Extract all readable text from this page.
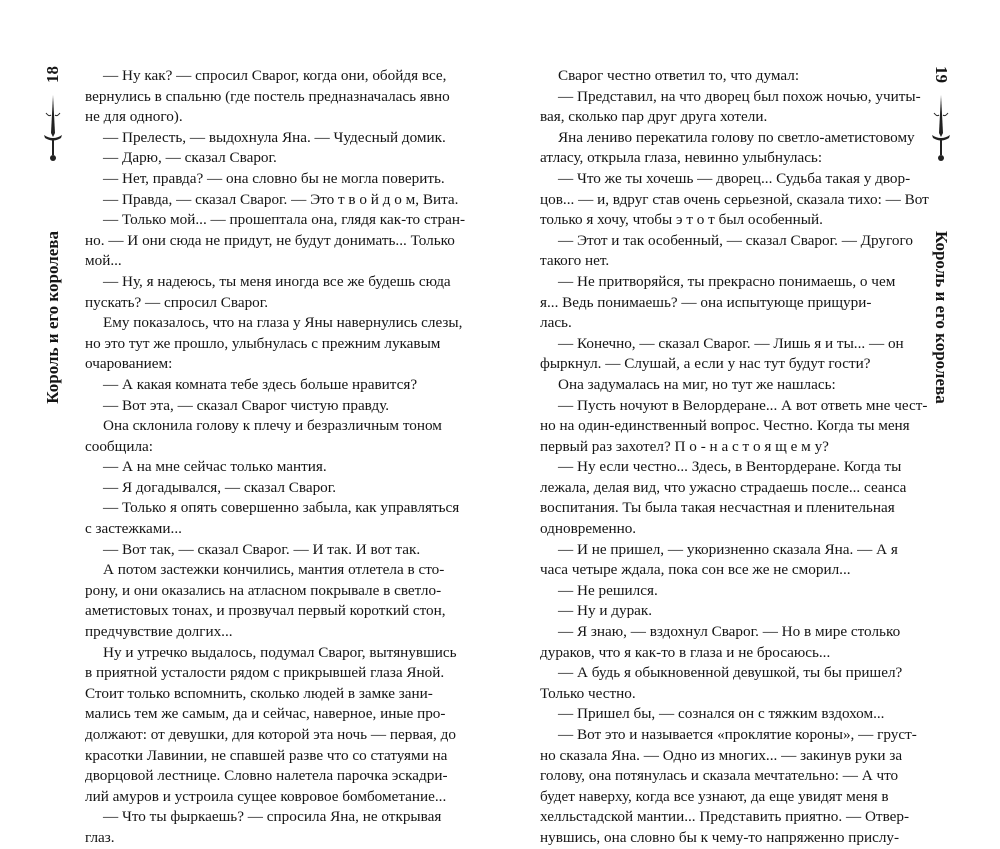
18
Король и его королева

— Ну как? — спросил Сварог, когда они, обойдя все,

вернулись в спальню (где постель предназначалась явно

не для одного).

— Прелесть, — выдохнула Яна. — Чудесный домик.

— Дарю, — сказал Сварог.

— Нет, правда? — она словно бы не могла поверить.

— Правда, — сказал Сварог. — Это т в о й д о м, Вита.

— Только мой... — прошептала она, глядя как-то стран-

но. — И они сюда не придут, не будут донимать... Только

мой...

— Ну, я надеюсь, ты меня иногда все же будешь сюда

пускать? — спросил Сварог.

Ему показалось, что на глаза у Яны навернулись слезы,

но это тут же прошло, улыбнулась с прежним лукавым

очарованием:

— А какая комната тебе здесь больше нравится?

— Вот эта, — сказал Сварог чистую правду.

Она склонила голову к плечу и безразличным тоном

сообщила:

— А на мне сейчас только мантия.

— Я догадывался, — сказал Сварог.

— Только я опять совершенно забыла, как управляться

с застежками...

— Вот так, — сказал Сварог. — И так. И вот так.

А потом застежки кончились, мантия отлетела в сто-

рону, и они оказались на атласном покрывале в светло-

аметистовых тонах, и прозвучал первый короткий стон,

предчувствие долгих...

Ну и утречко выдалось, подумал Сварог, вытянувшись

в приятной усталости рядом с прикрывшей глаза Яной.

Стоит только вспомнить, сколько людей в замке зани-

мались тем же самым, да и сейчас, наверное, иные про-

должают: от девушки, для которой эта ночь — первая, до

красотки Лавинии, не спавшей разве что со статуями на

дворцовой лестнице. Словно налетела парочка эскадри-

лий амуров и устроила сущее ковровое бомбометание...

— Что ты фыркаешь? — спросила Яна, не открывая

глаз.

Сварог честно ответил то, что думал:

— Представил, на что дворец был похож ночью, учиты-

вая, сколько пар друг друга хотели.

Яна лениво перекатила голову по светло-аметистовому

атласу, открыла глаза, невинно улыбнулась:

— Что же ты хочешь — дворец... Судьба такая у двор-

цов... — и, вдруг став очень серьезной, сказала тихо: — Вот

только я хочу, чтобы э т о т был особенный.

— Этот и так особенный, — сказал Сварог. — Другого

такого нет.

— Не притворяйся, ты прекрасно понимаешь, о чем

я... Ведь понимаешь? — она испытующе прищури-

лась.

— Конечно, — сказал Сварог. — Лишь я и ты... — он

фыркнул. — Слушай, а если у нас тут будут гости?

Она задумалась на миг, но тут же нашлась:

— Пусть ночуют в Велордеране... А вот ответь мне чест-

но на один-единственный вопрос. Честно. Когда ты меня

первый раз захотел? П о - н а с т о я щ е м у?

— Ну если честно... Здесь, в Вентордеране. Когда ты

лежала, делая вид, что ужасно страдаешь после... сеанса

воспитания. Ты была такая несчастная и пленительная

одновременно.

— И не пришел, — укоризненно сказала Яна. — А я

часа четыре ждала, пока сон все же не сморил...

— Не решился.

— Ну и дурак.

— Я знаю, — вздохнул Сварог. — Но в мире столько

дураков, что я как-то в глаза и не бросаюсь...

— А будь я обыкновенной девушкой, ты бы пришел?

Только честно.

— Пришел бы, — сознался он с тяжким вздохом...

— Вот это и называется «проклятие короны», — груст-

но сказала Яна. — Одно из многих... — закинув руки за

голову, она потянулась и сказала мечтательно: — А что

будет наверху, когда все узнают, да еще увидят меня в

хелльстадской мантии... Представить приятно. — Отвер-

нувшись, она словно бы к чему-то напряженно прислу-

19
Король и его королева
